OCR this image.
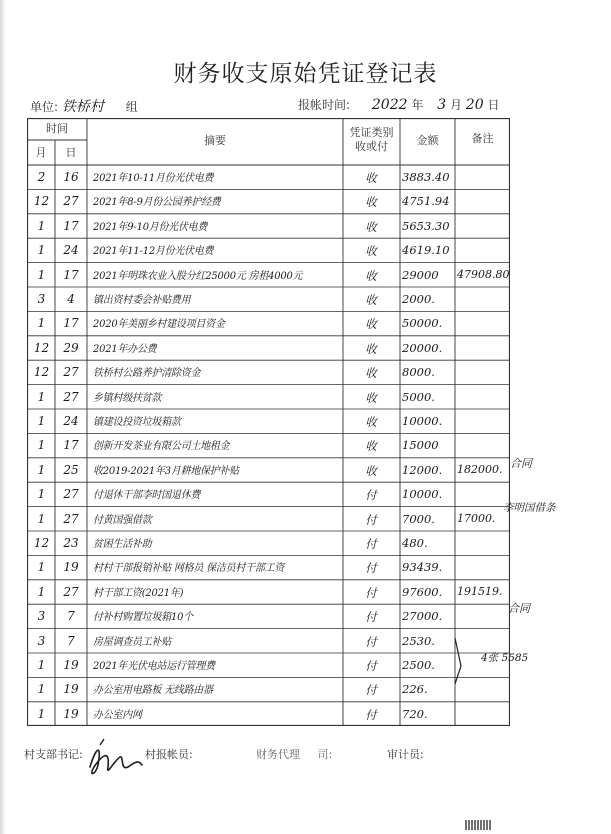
财务收支原始凭证登记表
单位: 铁桥村 组	报帐时间: 2022 年 3 月 20 日
时间
月	日
摘要
凭证类别
收或付	金额	备注
2	16	2021年10-11月份光伏电费	收	3883.40
12	27	2021年8-9月份公园养护经费	收	4751.94
1	17	2021年9-10月份光伏电费	收	5653.30
1	24	2021年11-12月份光伏电费	收	4619.10
1	17	2021年明珠农业入股分红25000元 房租4000元	收	29000	47908.80
3	4	镇出资村委会补贴费用	收	2000.
1	17	2020年美丽乡村建设项目资金	收	50000.
12	29	2021年办公费	收	20000.
12	27	铁桥村公路养护清除资金	收	8000.
1	27	乡镇村级扶贫款	收	5000.
1	24	镇建设投资垃圾箱款	收	10000.
1	17	创新开发茶业有限公司土地租金	收	15000
1	25	收2019-2021年3月耕地保护补贴	收	12000.	182000.
1	27	付退休干部李时国退休费	付	10000.
1	27	付黄国强借款	付	7000.	17000.
12	23	贫困生活补助	付	480.
1	19	村村干部报销补贴 网格员 保洁员村干部工资	付	93439.
1	27	村干部工资(2021年)	付	97600.	191519.
3	7	付补村购置垃圾箱10个	付	27000.
3	7	房屋调查员工补贴	付	2530.
1	19	2021年光伏电站运行管理费	付	2500.
1	19	办公室用电路板 无线路由器	付	226.
1	19	办公室内网	付	720.
合同
李明国借条
合同
4张 5585
村支部书记:	村报帐员:	财务代理 司:	审计员:
